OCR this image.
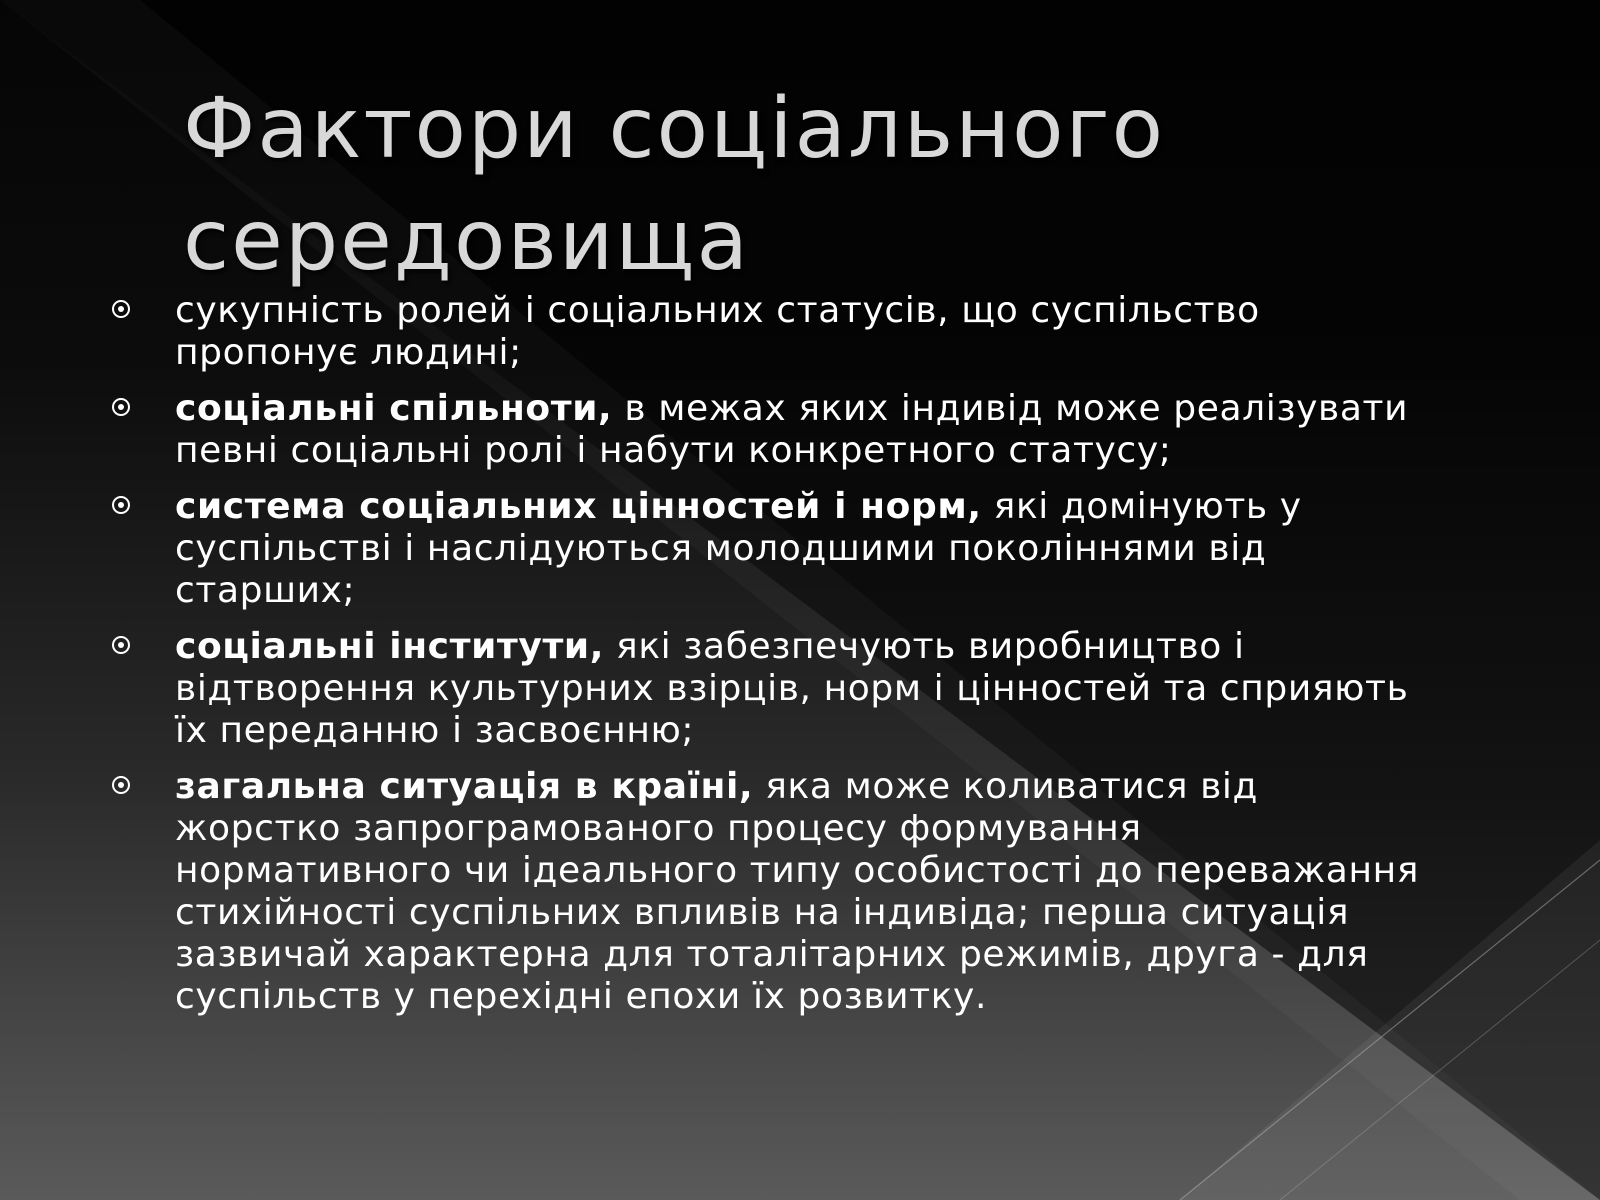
Фактори соціального
середовища
сукупність ролей і соціальних статусів, що суспільство пропонує людині;
соціальні спільноти, в межах яких індивід може реалізувати певні соціальні ролі і набути конкретного статусу;
система соціальних цінностей і норм, які домінують у суспільстві і наслідуються молодшими поколіннями від старших;
соціальні інститути, які забезпечують виробництво і відтворення культурних взірців, норм і цінностей та сприяють їх переданню і засвоєнню;
загальна ситуація в країні, яка може коливатися від жорстко запрограмованого процесу формування нормативного чи ідеального типу особистості до переважання стихійності суспільних впливів на індивіда; перша ситуація зазвичай характерна для тоталітарних режимів, друга - для суспільств у перехідні епохи їх розвитку.
